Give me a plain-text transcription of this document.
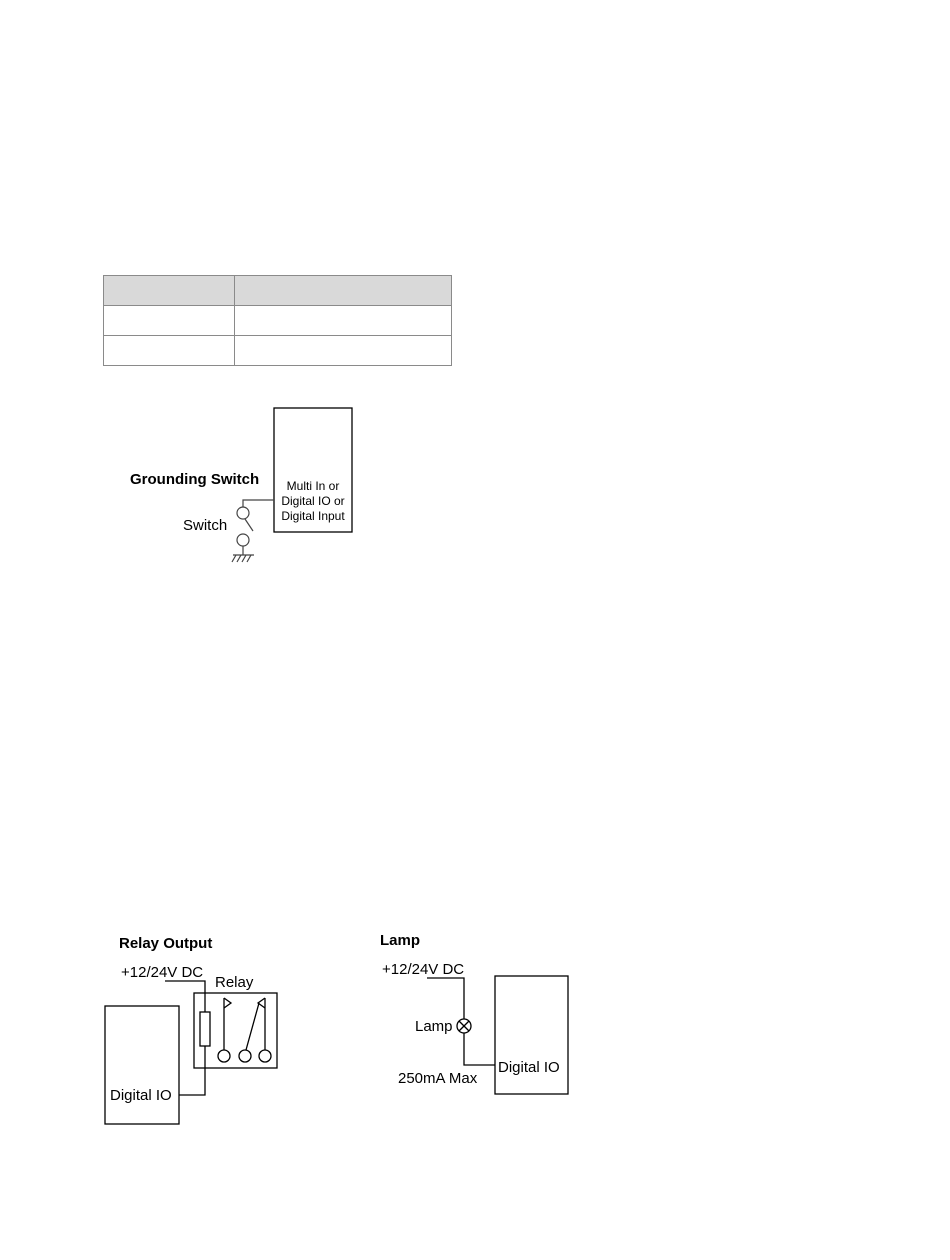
Multi In or
Digital IO or
Digital Input
Grounding Switch
Switch
Relay Output
+12/24V DC
Relay
Digital IO
Lamp
+12/24V DC
Lamp
250mA Max
Digital IO
